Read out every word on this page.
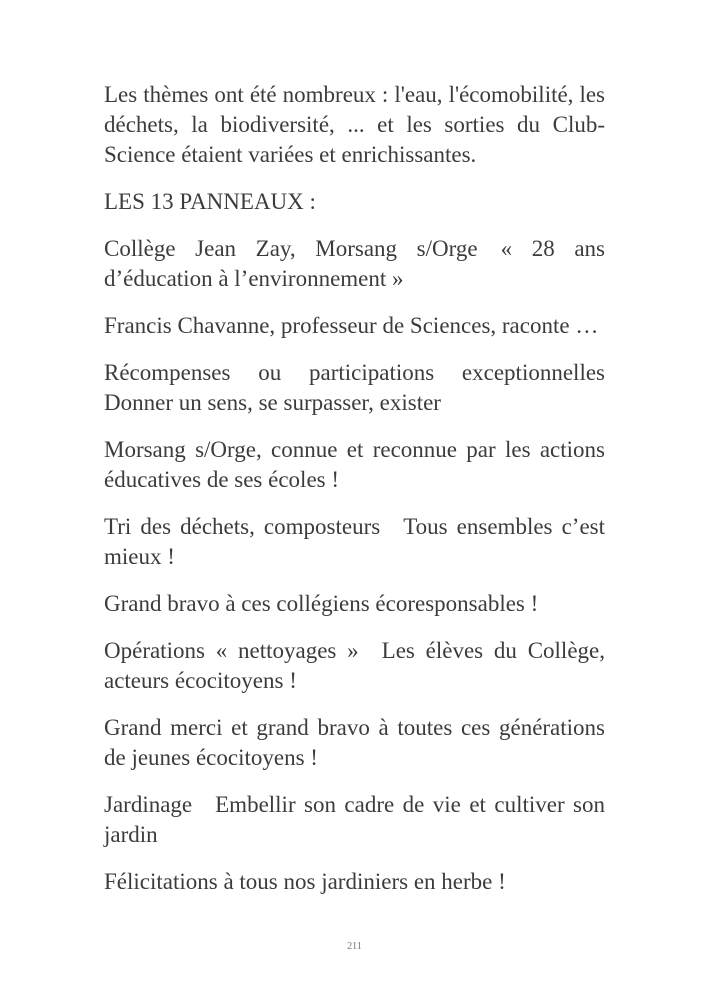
Les thèmes ont été nombreux : l'eau, l'écomobilité, les déchets, la biodiversité, ... et les sorties du Club-Science étaient variées et enrichissantes.

LES 13 PANNEAUX :

Collège Jean Zay, Morsang s/Orge « 28 ans d’éducation à l’environnement »

Francis Chavanne, professeur de Sciences, raconte …

Récompenses ou participations exceptionnelles Donner un sens, se surpasser, exister

Morsang s/Orge, connue et reconnue par les actions éducatives de ses écoles !

Tri des déchets, composteurs Tous ensembles c’est mieux !

Grand bravo à ces collégiens écoresponsables !

Opérations « nettoyages » Les élèves du Collège, acteurs écocitoyens !

Grand merci et grand bravo à toutes ces générations de jeunes écocitoyens !

Jardinage Embellir son cadre de vie et cultiver son jardin

Félicitations à tous nos jardiniers en herbe !

211
